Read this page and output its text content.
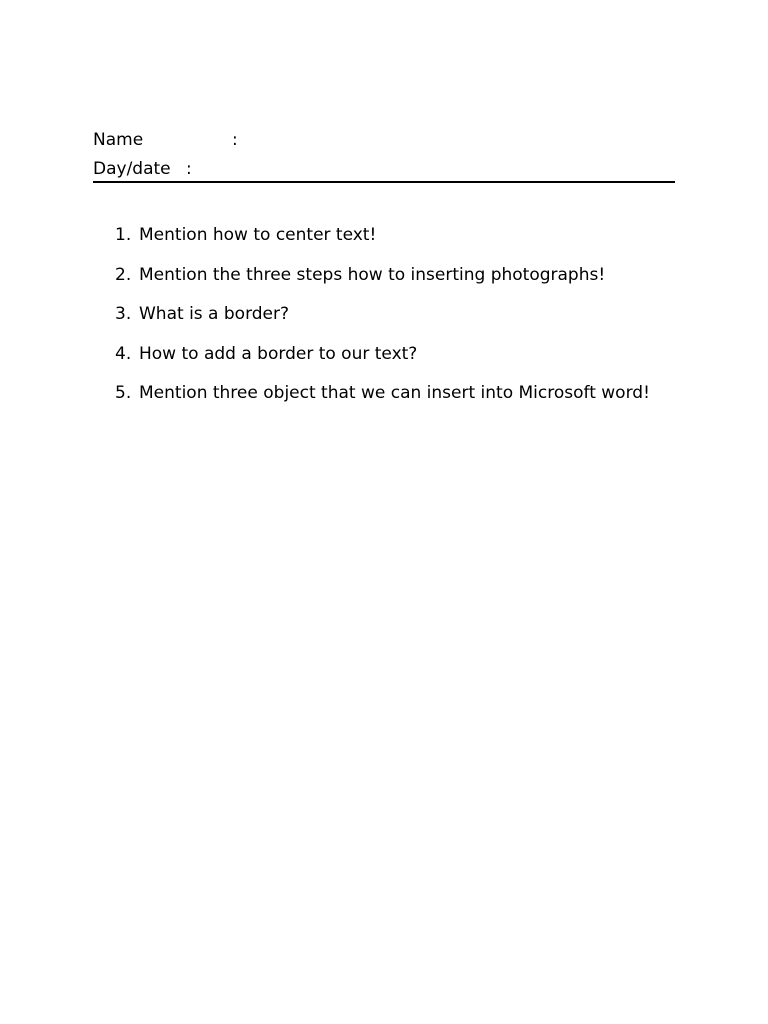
Name	:
Day/date :
1. Mention how to center text!
2. Mention the three steps how to inserting photographs!
3. What is a border?
4. How to add a border to our text?
5. Mention three object that we can insert into Microsoft word!
